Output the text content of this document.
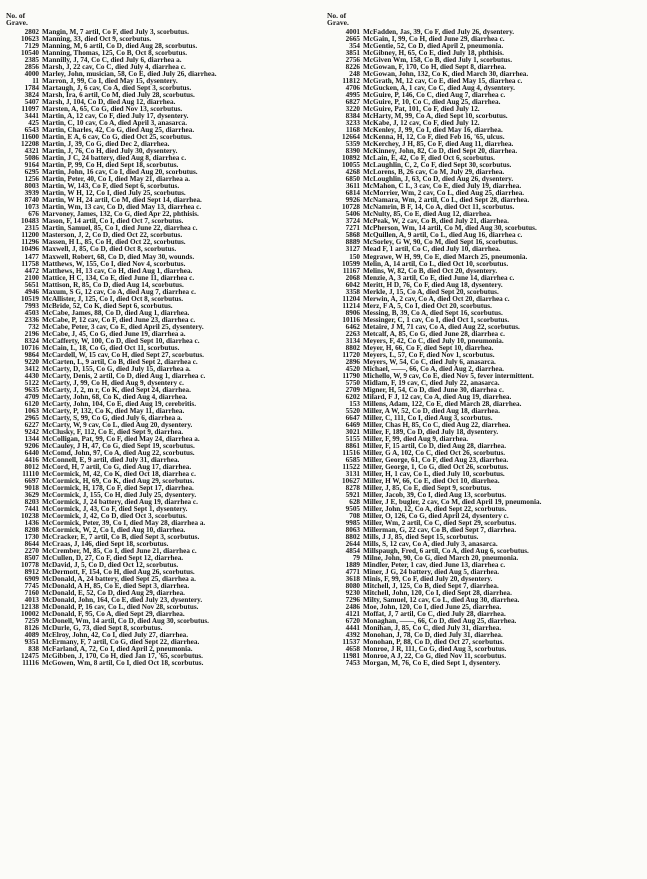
No. of
Grave.
2802 Mangin, M, 7 artil, Co F, died July 3, scorbutus.
10623 Manning, 33, died Oct 9, scorbutus.
7129 Manning, M, 6 artil, Co D, died Aug 28, scorbutus.
10540 Manning, Thomas, 125, Co B, Oct 8, scorbutus.
2385 Mannilly, J, 74, Co C, died July 6, diarrhea a.
2856 Marsh, J, 22 cav, Co C, died July 4, diarrhea c.
4000 Marley, John, musician, 58, Co E, died July 26, diarrhea.
11 Marron, J, 99, Co I, died May 15, dysentery.
1784 Martaugh, J, 6 cav, Co A, died Sept 3, scorbutus.
3824 Marsh, Ira, 6 artil, Co M, died July 28, scorbutus.
5407 Marsh, J, 104, Co D, died Aug 12, diarrhea.
11097 Marsten, A, 65, Co G, died Nov 13, scorbutus.
3441 Martin, A, 12 cav, Co F, died July 17, dysentery.
425 Martin, C, 10 cav, Co A, died April 3, anasarca.
6543 Martin, Charles, 42, Co G, died Aug 25, diarrhea.
11600 Martin, E A, 6 cav, Co G, died Oct 25, scorbutus.
12208 Martin, J, 39, Co G, died Dec 2, diarrhea.
4321 Martin, J, 76, Co H, died July 30, dysentery.
5086 Martin, J C, 24 battery, died Aug 8, diarrhea c.
9164 Martin, P, 99, Co H, died Sept 18, scorbutus.
6295 Martin, John, 16 cav, Co I, died Aug 20, scorbutus.
1256 Martin, Peter, 40, Co I, died May 21, diarrhea a.
8003 Martin, W, 143, Co F, died Sept 6, scorbutus.
3939 Martin, W H, 12, Co I, died July 25, scorbutus.
8740 Martin, W H, 24 artil, Co M, died Sept 14, diarrhea.
1073 Martin, Wm, 13 cav, Co D, died May 13, diarrhea c.
676 Marvoney, James, 132, Co G, died Apr 22, phthisis.
10483 Mason, F, 14 artil, Co I, died Oct 7, scorbutus.
2315 Martin, Samuel, 85, Co I, died June 22, diarrhea c.
11200 Masterson, J, 2, Co D, died Oct 22, scorbutus.
11296 Massen, H L, 85, Co H, died Oct 22, scorbutus.
10496 Maxwell, J, 85, Co D, died Oct 8, scorbutus.
1477 Maxwell, Robert, 68, Co D, died May 30, wounds.
11758 Matthews, W, 155, Co I, died Nov 4, scorbutus.
4472 Matthews, H, 13 cav, Co H, died Aug 1, diarrhea.
2100 Mattice, H C, 134, Co E, died June 11, diarrhea c.
5651 Mattison, R, 85, Co D, died Aug 14, scorbutus.
4946 Maxum, S G, 12 cav, Co A, died Aug 7, diarrhea c.
10519 McAllister, J, 125, Co I, died Oct 8, scorbutus.
7993 McBride, 52, Co K, died Sept 6, scorbutus.
4503 McCabe, James, 88, Co D, died Aug 1, diarrhea.
2336 McCabe, P, 12 cav, Co F, died June 23, diarrhea c.
732 McCabe, Peter, 3 cav, Co E, died April 25, dysentery.
2196 McCabe, J, 45, Co G, died June 19, diarrhea a.
8324 McCafferty, W, 100, Co D, died Sept 10, diarrhea c.
10716 McCain, L, 18, Co G, died Oct 11, scorbutus.
9864 McCardell, W, 15 cav, Co H, died Sept 27, scorbutus.
9220 McCarten, L, 9 artil, Co B, died Sept 2, diarrhea c.
3412 McCarty, D, 155, Co G, died July 15, diarrhea a.
4430 McCarty, Denis, 2 artil, Co D, died Aug 1, diarrhea c.
5122 McCarty, J, 99, Co H, died Aug 9, dysentery c.
9635 McCarty, J, 2, m r, Co K, died Sept 24, diarrhea.
4709 McCarty, John, 68, Co K, died Aug 4, diarrhea.
6120 McCarty, John, 104, Co E, died Aug 19, cerebritis.
1063 McCarty, P, 132, Co K, died May 11, diarrhea.
2965 McCarty, S, 99, Co G, died July 6, diarrhea a.
6227 McCarty, W, 9 cav, Co L, died Aug 20, dysentery.
9242 McClusky, F, 112, Co E, died Sept 9, diarrhea.
1344 McColligan, Pat, 99, Co F, died May 24, diarrhea a.
9206 McCauley, J H, 47, Co G, died Sept 19, scorbutus.
6440 McComd, John, 97, Co A, died Aug 22, scorbutus.
4416 McConnell, E, 9 artil, died July 31, diarrhea.
8012 McCord, H, 7 artil, Co G, died Aug 17, diarrhea.
11110 McCormick, M, 42, Co K, died Oct 18, diarrhea c.
6697 McCormick, H, 69, Co K, died Aug 29, scorbutus.
9018 McCormick, H, 178, Co F, died Sept 17, diarrhea.
3629 McCormick, J, 155, Co H, died July 25, dysentery.
8203 McCormick, J, 24 battery, died Aug 19, diarrhea c.
7441 McCormick, J, 43, Co F, died Sept 1, dysentery.
10238 McCormick, J, 42, Co D, died Oct 3, scorbutus.
1436 McCormick, Peter, 39, Co I, died May 28, diarrhea a.
8208 McCormick, W, 2, Co I, died Aug 10, diarrhea.
1730 McCracker, E, 7 artil, Co B, died Sept 3, scorbutus.
8644 McCraas, J, 146, died Sept 18, scorbutus.
2270 McCrember, M, 85, Co I, died June 21, diarrhea c.
8507 McCullen, D, 27, Co F, died Sept 12, diarrhea.
10778 McDavid, J, 5, Co D, died Oct 12, scorbutus.
8912 McDermott, F, 154, Co H, died Aug 26, scorbutus.
6909 McDonald, A, 24 battery, died Sept 25, diarrhea a.
7745 McDonald, A H, 85, Co E, died Sept 3, diarrhea.
7160 McDonald, E, 52, Co D, died Aug 29, diarrhea.
4013 McDonald, John, 164, Co E, died July 23, dysentery.
12138 McDonald, P, 16 cav, Co L, died Nov 28, scorbutus.
10002 McDonald, F, 95, Co A, died Sept 29, diarrhea.
7259 McDonell, Wm, 14 artil, Co D, died Aug 30, scorbutus.
8126 McDurle, G, 73, died Sept 8, scorbutus.
4089 McElroy, John, 42, Co I, died July 27, diarrhea.
9351 McErmany, F, 7 artil, Co G, died Sept 22, diarrhea.
838 McFarland, A, 72, Co I, died April 2, pneumonia.
12475 McGibben, J, 170, Co H, died Jan 17, '65, scorbutus.
11116 McGowen, Wm, 8 artil, Co I, died Oct 18, scorbutus.
No. of
Grave.
4001 McFadden, Jas, 39, Co F, died July 26, dysentery.
2665 McGain, I, 99, Co H, died June 29, diarrhea c.
354 McGentie, 52, Co D, died April 2, pneumonia.
3851 McGibney, H, 65, Co E, died July 18, phthisis.
2756 McGiven Wm, 158, Co B, died July 1, scorbutus.
8226 McGowan, F, 170, Co H, died Sept 8, diarrhea.
248 McGowan, John, 132, Co K, died March 30, diarrhea.
11812 McGrath, M, 12 cav, Co E, died May 15, diarrhea c.
4706 McGucken, A, 1 cav, Co C, died Aug 4, dysentery.
4995 McGuire, P, 146, Co C, died Aug 7, diarrhea c.
6827 McGuire, P, 10, Co C, died Aug 25, diarrhea.
3220 McGuire, Pat, 101, Co F, died July 12.
8384 McHarty, M, 99, Co A, died Sept 10, scorbutus.
3233 McKabe, J, 12 cav, Co F, died July 12.
1168 McKenley, J, 99, Co I, died May 16, diarrhea.
12664 McKenna, H, 12, Co F, died Feb 16, '65, ulcus.
5359 McKerchey, J H, 85, Co F, died Aug 11, diarrhea.
8390 McKinney, John, 82, Co D, died Sept 20, diarrhea.
10892 McLain, E, 42, Co F, died Oct 6, scorbutus.
10055 McLaughlin, C, 2, Co F, died Sept 30, scorbutus.
4268 McLorens, B, 26 cav, Co M, July 29, diarrhea.
6850 McLoughlin, J, 63, Co D, died Aug 26, dysentery.
3611 McMahon, C L, 3 cav, Co E, died July 19, diarrhea.
6814 McMorrier, Wm, 2 cav, Co L, died Aug 25, diarrhea.
9926 McNamara, Wm, 2 artil, Co L, died Sept 28, diarrhea.
10728 McNamrin, B F, 14, Co A, died Oct 11, scorbutus.
5406 McNulty, 85, Co E, died Aug 12, diarrhea.
3724 McPeak, W, 2 cav, Co B, died July 21, diarrhea.
7271 McPherson, Wm, 14 artil, Co M, died Aug 30, scorbutus.
5868 McQuillen, A, 9 artil, Co L, died Aug 16, diarrhea c.
8889 McSorley, G W, 90, Co M, died Sept 16, scorbutus.
3127 Mead F, 1 artil, Co C, died July 10, diarrhea.
150 Megrawe, W H, 99, Co E, died March 25, pneumonia.
10599 Melin, A, 14 artil, Co L, died Oct 10, scorbutus.
11167 Melins, W, 82, Co B, died Oct 20, dysentery.
2068 Menzie, A, 3 artil, Co E, died June 14, diarrhea c.
6042 Meritt, H D, 76, Co F, died Aug 18, dysentery.
3358 Merkle, J, 15, Co A, died Sept 20, scorbutus.
11204 Merwin, A, 2 cav, Co A, died Oct 20, diarrhea c.
11214 Merz, F A, 5, Co I, died Oct 20, scorbutus.
8906 Messing, B, 39, Co A, died Sept 16, scorbutus.
10116 Messinger, C, 1 cav, Co I, died Oct 1, scorbutus.
6462 Metaire, J M, 71 cav, Co A, died Aug 22, scorbutus.
2263 Metcalf, A, 85, Co G, died June 28, diarrhea c.
3134 Meyers, F, 42, Co C, died July 10, pneumonia.
8802 Meyer, H, 66, Co F, died Sept 10, diarrhea.
11720 Meyers, L, 57, Co F, died Nov 1, scorbutus.
2896 Meyers, W, 54, Co C, died July 6, anasarca.
4520 Michael, ——, 66, Co A, died Aug 2, diarrhea.
11790 Michello, W, 9 cav, Co E, died Nov 5, fever intermittent.
5750 Midlam, F, 19 cav, C, died July 22, anasarca.
2709 Migner, H, 54, Co D, died June 30, diarrhea c.
6202 Milard, F J, 12 cav, Co A, died Aug 19, diarrhea.
153 Millens, Adam, 122, Co E, died March 28, diarrhea.
5520 Miller, A W, 52, Co D, died Aug 18, diarrhea.
6647 Miller, C, 111, Co I, died Aug 3, scorbutus.
6469 Miller, Chas H, 85, Co C, died Aug 22, diarrhea.
3021 Miller, F, 189, Co D, died July 18, dysentery.
5155 Miller, F, 99, died Aug 9, diarrhea.
8861 Miller, F, 15 artil, Co D, died Aug 28, diarrhea.
11516 Miller, G A, 102, Co C, died Oct 26, scorbutus.
6585 Miller, George, 61, Co F, died Aug 23, diarrhea.
11522 Miller, George, 1, Co G, died Oct 26, scorbutus.
3131 Miller, H, 1 cav, Co L, died July 10, scorbutus.
10627 Miller, H W, 66, Co E, died Oct 10, diarrhea.
8278 Miller, J, 85, Co E, died Sept 9, scorbutus.
5921 Miller, Jacob, 39, Co I, died Aug 13, scorbutus.
628 Miller, J E, bugler, 2 cav, Co M, died April 19, pneumonia.
9505 Miller, John, 12, Co A, died Sept 22, scorbutus.
708 Miller, O, 126, Co G, died April 24, dysentery c.
9985 Miller, Wm, 2 artil, Co C, died Sept 29, scorbutus.
8063 Millerman, G, 22 cav, Co B, died Sept 7, diarrhea.
8802 Mills, J J, 85, died Sept 15, scorbutus.
2644 Mills, S, 12 cav, Co A, died July 3, anasarca.
4854 Millspaugh, Fred, 6 artil, Co A, died Aug 6, scorbutus.
79 Milne, John, 90, Co G, died March 20, pneumonia.
1889 Mindler, Peter, 1 cav, died June 13, diarrhea c.
4771 Miner, J G, 24 battery, died Aug 5, diarrhea.
3618 Minis, F, 99, Co F, died July 20, dysentery.
8080 Mitchell, J, 125, Co B, died Sept 7, diarrhea.
9230 Mitchell, John, 120, Co I, died Sept 28, diarrhea.
7296 Milty, Samuel, 12 cav, Co L, died Aug 30, diarrhea.
2486 Moe, John, 120, Co I, died June 25, diarrhea.
4121 Moffat, J, 7 artil, Co C, died July 28, diarrhea.
6720 Monaghan, ——, 66, Co D, died Aug 25, diarrhea.
4441 Monihan, J, 85, Co C, died July 31, diarrhea.
4392 Monohan, J, 78, Co D, died July 31, diarrhea.
11537 Monohan, P, 88, Co D, died Oct 27, scorbutus.
4658 Monroe, J R, 111, Co G, died Aug 3, scorbutus.
11981 Monroe, A J, 22, Co G, died Nov 11, scorbutus.
7453 Morgan, M, 76, Co E, died Sept 1, dysentery.
